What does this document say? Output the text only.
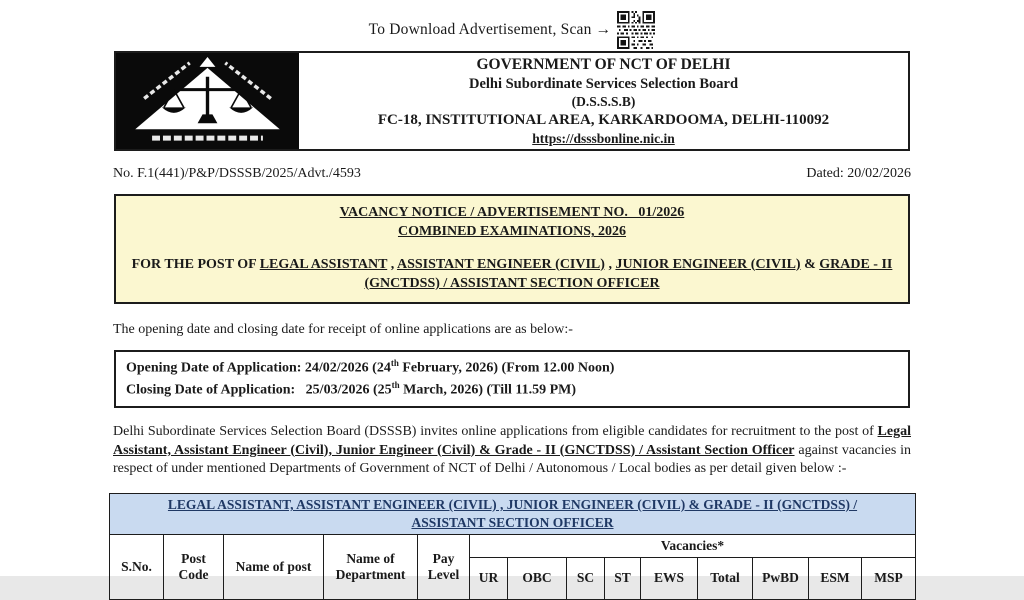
To Download Advertisement, Scan →
GOVERNMENT OF NCT OF DELHI
Delhi Subordinate Services Selection Board
(D.S.S.S.B)
FC-18, INSTITUTIONAL AREA, KARKARDOOMA, DELHI-110092
https://dsssbonline.nic.in
No. F.1(441)/P&P/DSSSB/2025/Advt./4593	Dated: 20/02/2026
VACANCY NOTICE / ADVERTISEMENT NO.   01/2026
COMBINED EXAMINATIONS, 2026
FOR THE POST OF LEGAL ASSISTANT , ASSISTANT ENGINEER (CIVIL) , JUNIOR ENGINEER (CIVIL) & GRADE - II (GNCTDSS) / ASSISTANT SECTION OFFICER
The opening date and closing date for receipt of online applications are as below:-
Opening Date of Application: 24/02/2026 (24th February, 2026) (From 12.00 Noon)
Closing Date of Application:   25/03/2026 (25th March, 2026) (Till 11.59 PM)
Delhi Subordinate Services Selection Board (DSSSB) invites online applications from eligible candidates for recruitment to the post of Legal Assistant, Assistant Engineer (Civil), Junior Engineer (Civil) & Grade - II (GNCTDSS) / Assistant Section Officer against vacancies in respect of under mentioned Departments of Government of NCT of Delhi / Autonomous / Local bodies as per detail given below :-
LEGAL ASSISTANT, ASSISTANT ENGINEER (CIVIL) , JUNIOR ENGINEER (CIVIL) & GRADE - II (GNCTDSS) / ASSISTANT SECTION OFFICER													
S.No.	Post Code	Name of post	Name of Department	Pay Level	Vacancies*								
					UR	OBC	SC	ST	EWS	Total	PwBD	ESM	MSP
